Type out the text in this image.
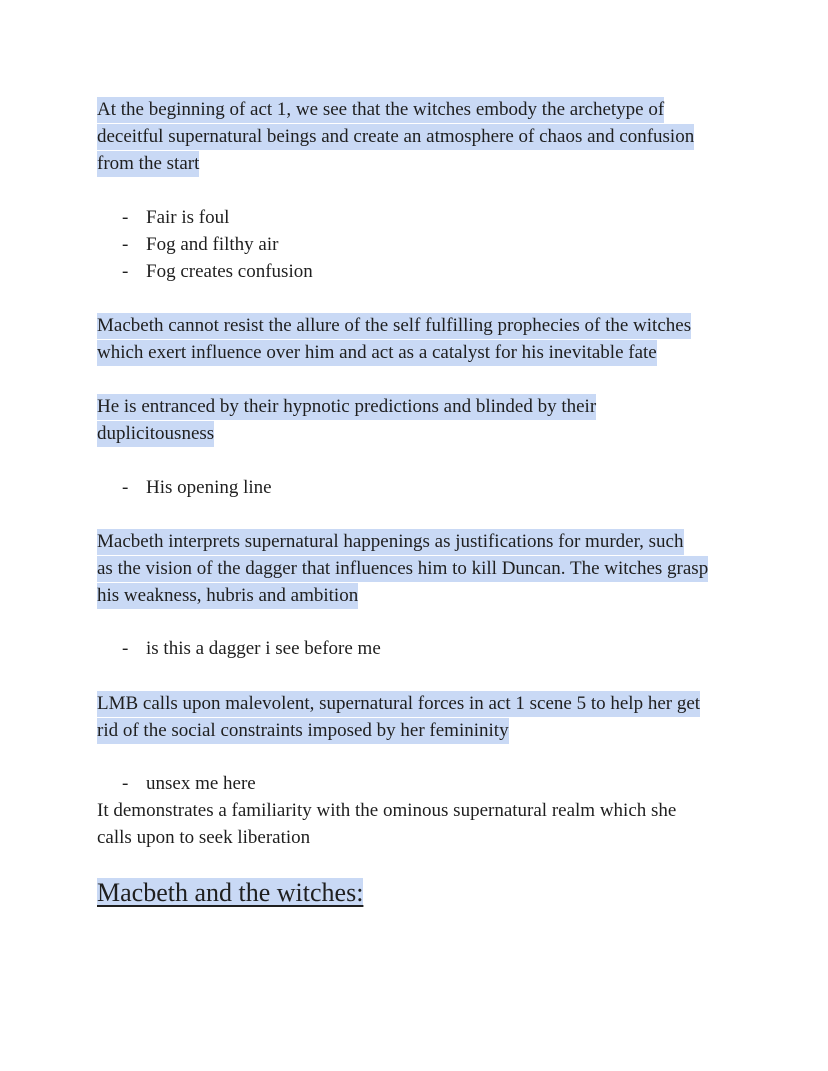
At the beginning of act 1, we see that the witches embody the archetype of
deceitful supernatural beings and create an atmosphere of chaos and confusion
from the start
- Fair is foul
- Fog and filthy air
- Fog creates confusion
Macbeth cannot resist the allure of the self fulfilling prophecies of the witches
which exert influence over him and act as a catalyst for his inevitable fate
He is entranced by their hypnotic predictions and blinded by their
duplicitousness
- His opening line
Macbeth interprets supernatural happenings as justifications for murder, such
as the vision of the dagger that influences him to kill Duncan. The witches grasp
his weakness, hubris and ambition
- is this a dagger i see before me
LMB calls upon malevolent, supernatural forces in act 1 scene 5 to help her get
rid of the social constraints imposed by her femininity
- unsex me here
It demonstrates a familiarity with the ominous supernatural realm which she
calls upon to seek liberation
Macbeth and the witches:
